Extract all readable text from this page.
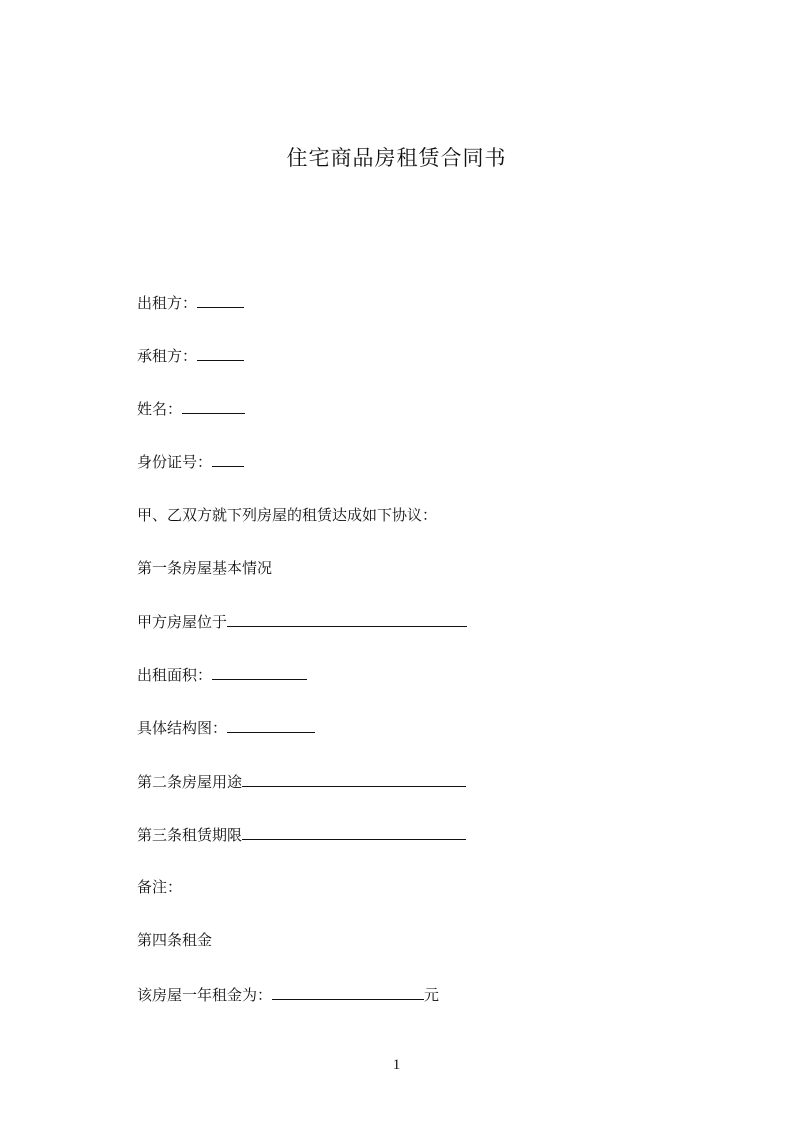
住宅商品房租赁合同书
出租方：
承租方：
姓名：
身份证号：
甲、乙双方就下列房屋的租赁达成如下协议：
第一条房屋基本情况
甲方房屋位于
出租面积：
具体结构图：
第二条房屋用途
第三条租赁期限
备注：
第四条租金
该房屋一年租金为：	元
1
